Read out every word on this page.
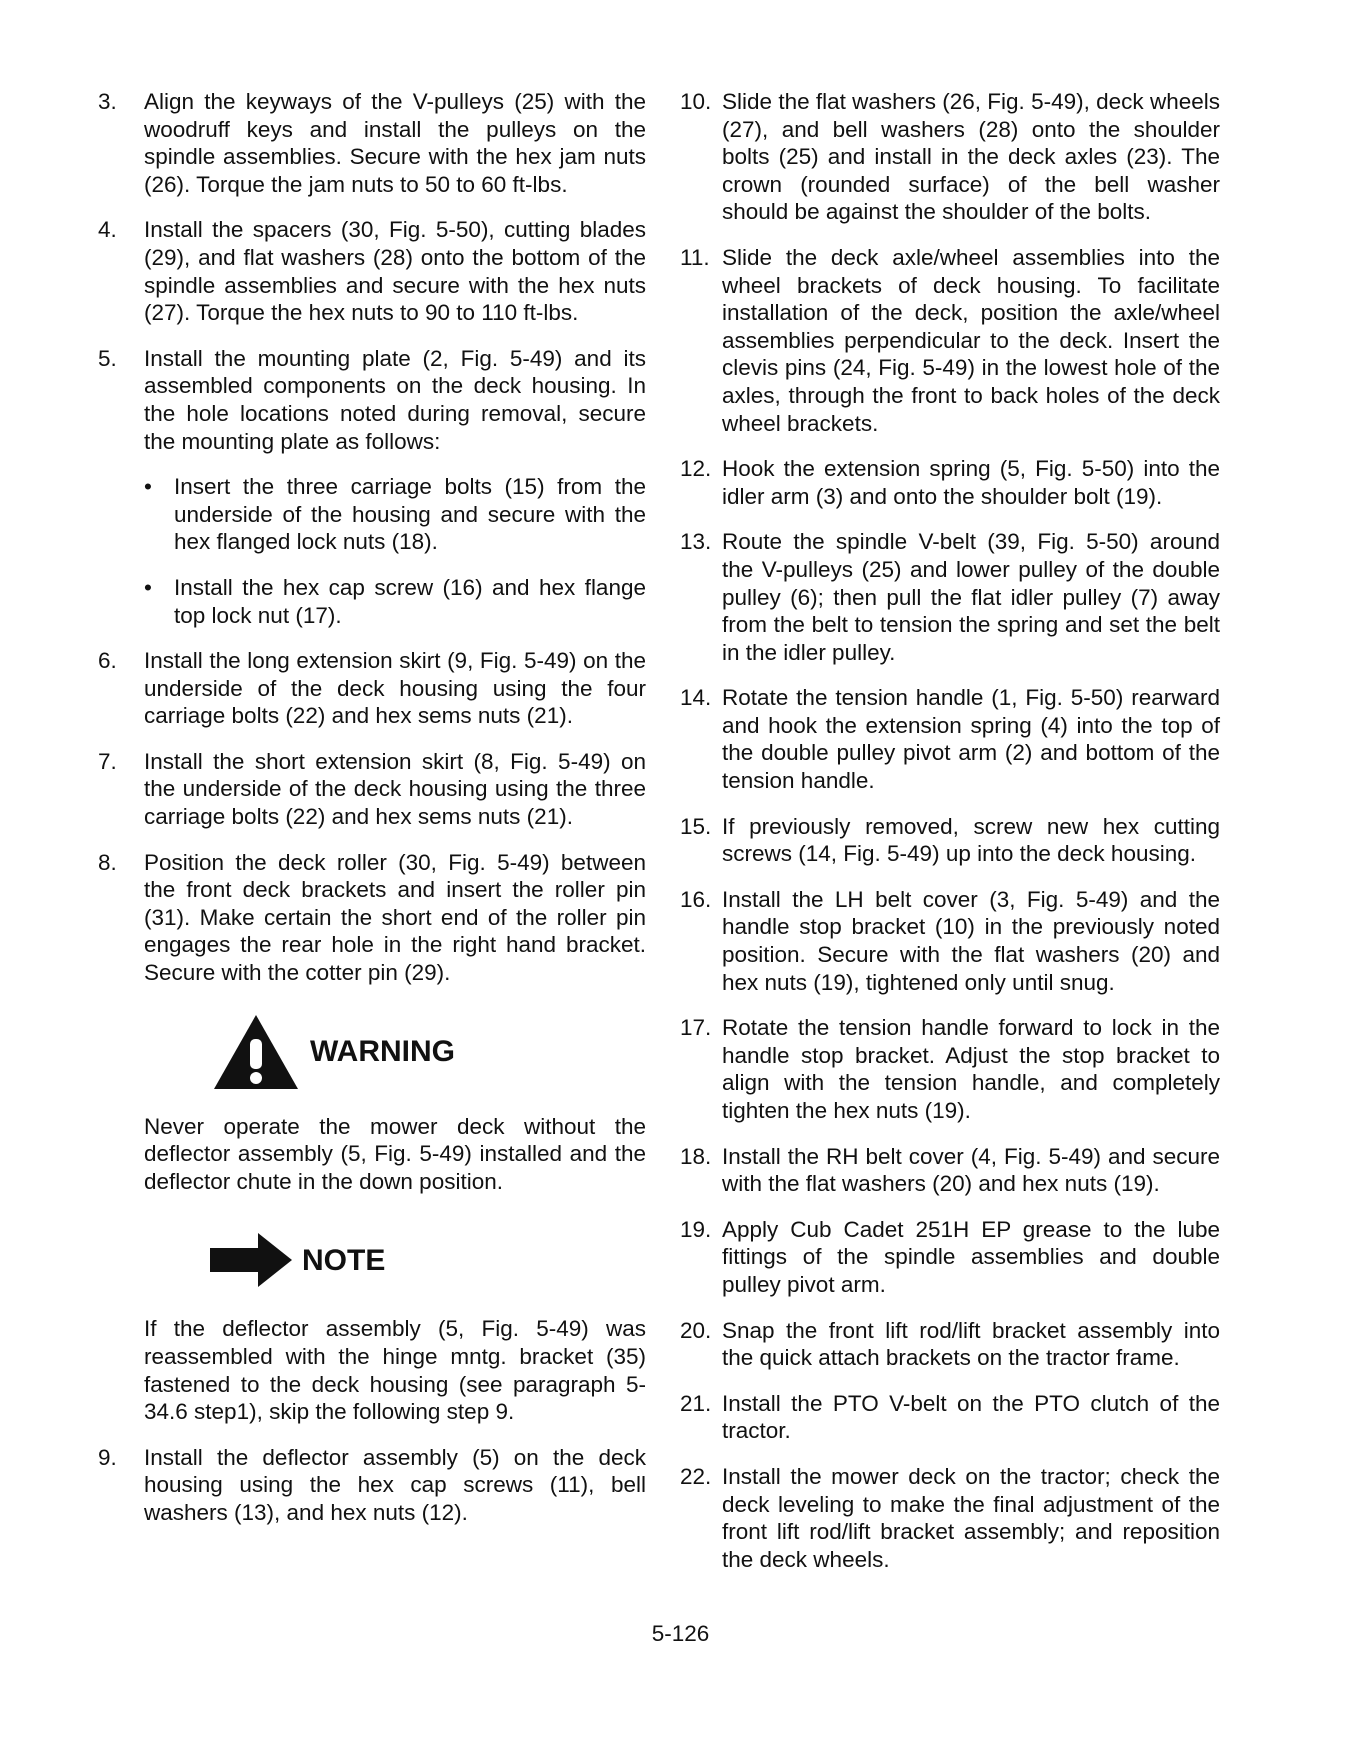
3.	Align the keyways of the V-pulleys (25) with the woodruff keys and install the pulleys on the spindle assemblies. Secure with the hex jam nuts (26). Torque the jam nuts to 50 to 60 ft-lbs.
4.	Install the spacers (30, Fig. 5-50), cutting blades (29), and flat washers (28) onto the bottom of the spindle assemblies and secure with the hex nuts (27). Torque the hex nuts to 90 to 110 ft-lbs.
5.	Install the mounting plate (2, Fig. 5-49) and its assembled components on the deck housing. In the hole locations noted during removal, secure the mounting plate as follows:
• Insert the three carriage bolts (15) from the underside of the housing and secure with the hex flanged lock nuts (18).
• Install the hex cap screw (16) and hex flange top lock nut (17).
6.	Install the long extension skirt (9, Fig. 5-49) on the underside of the deck housing using the four carriage bolts (22) and hex sems nuts (21).
7.	Install the short extension skirt (8, Fig. 5-49) on the underside of the deck housing using the three carriage bolts (22) and hex sems nuts (21).
8.	Position the deck roller (30, Fig. 5-49) between the front deck brackets and insert the roller pin (31). Make certain the short end of the roller pin engages the rear hole in the right hand bracket. Secure with the cotter pin (29).
WARNING
Never operate the mower deck without the deflector assembly (5, Fig. 5-49) installed and the deflector chute in the down position.
NOTE
If the deflector assembly (5, Fig. 5-49) was reassembled with the hinge mntg. bracket (35) fastened to the deck housing (see paragraph 5-34.6 step1), skip the following step 9.
9.	Install the deflector assembly (5) on the deck housing using the hex cap screws (11), bell washers (13), and hex nuts (12).
10. Slide the flat washers (26, Fig. 5-49), deck wheels (27), and bell washers (28) onto the shoulder bolts (25) and install in the deck axles (23). The crown (rounded surface) of the bell washer should be against the shoulder of the bolts.
11. Slide the deck axle/wheel assemblies into the wheel brackets of deck housing. To facilitate installation of the deck, position the axle/wheel assemblies perpendicular to the deck. Insert the clevis pins (24, Fig. 5-49) in the lowest hole of the axles, through the front to back holes of the deck wheel brackets.
12. Hook the extension spring (5, Fig. 5-50) into the idler arm (3) and onto the shoulder bolt (19).
13. Route the spindle V-belt (39, Fig. 5-50) around the V-pulleys (25) and lower pulley of the double pulley (6); then pull the flat idler pulley (7) away from the belt to tension the spring and set the belt in the idler pulley.
14. Rotate the tension handle (1, Fig. 5-50) rearward and hook the extension spring (4) into the top of the double pulley pivot arm (2) and bottom of the tension handle.
15. If previously removed, screw new hex cutting screws (14, Fig. 5-49) up into the deck housing.
16. Install the LH belt cover (3, Fig. 5-49) and the handle stop bracket (10) in the previously noted position. Secure with the flat washers (20) and hex nuts (19), tightened only until snug.
17. Rotate the tension handle forward to lock in the handle stop bracket. Adjust the stop bracket to align with the tension handle, and completely tighten the hex nuts (19).
18. Install the RH belt cover (4, Fig. 5-49) and secure with the flat washers (20) and hex nuts (19).
19. Apply Cub Cadet 251H EP grease to the lube fittings of the spindle assemblies and double pulley pivot arm.
20. Snap the front lift rod/lift bracket assembly into the quick attach brackets on the tractor frame.
21. Install the PTO V-belt on the PTO clutch of the tractor.
22. Install the mower deck on the tractor; check the deck leveling to make the final adjustment of the front lift rod/lift bracket assembly; and reposition the deck wheels.
5-126
